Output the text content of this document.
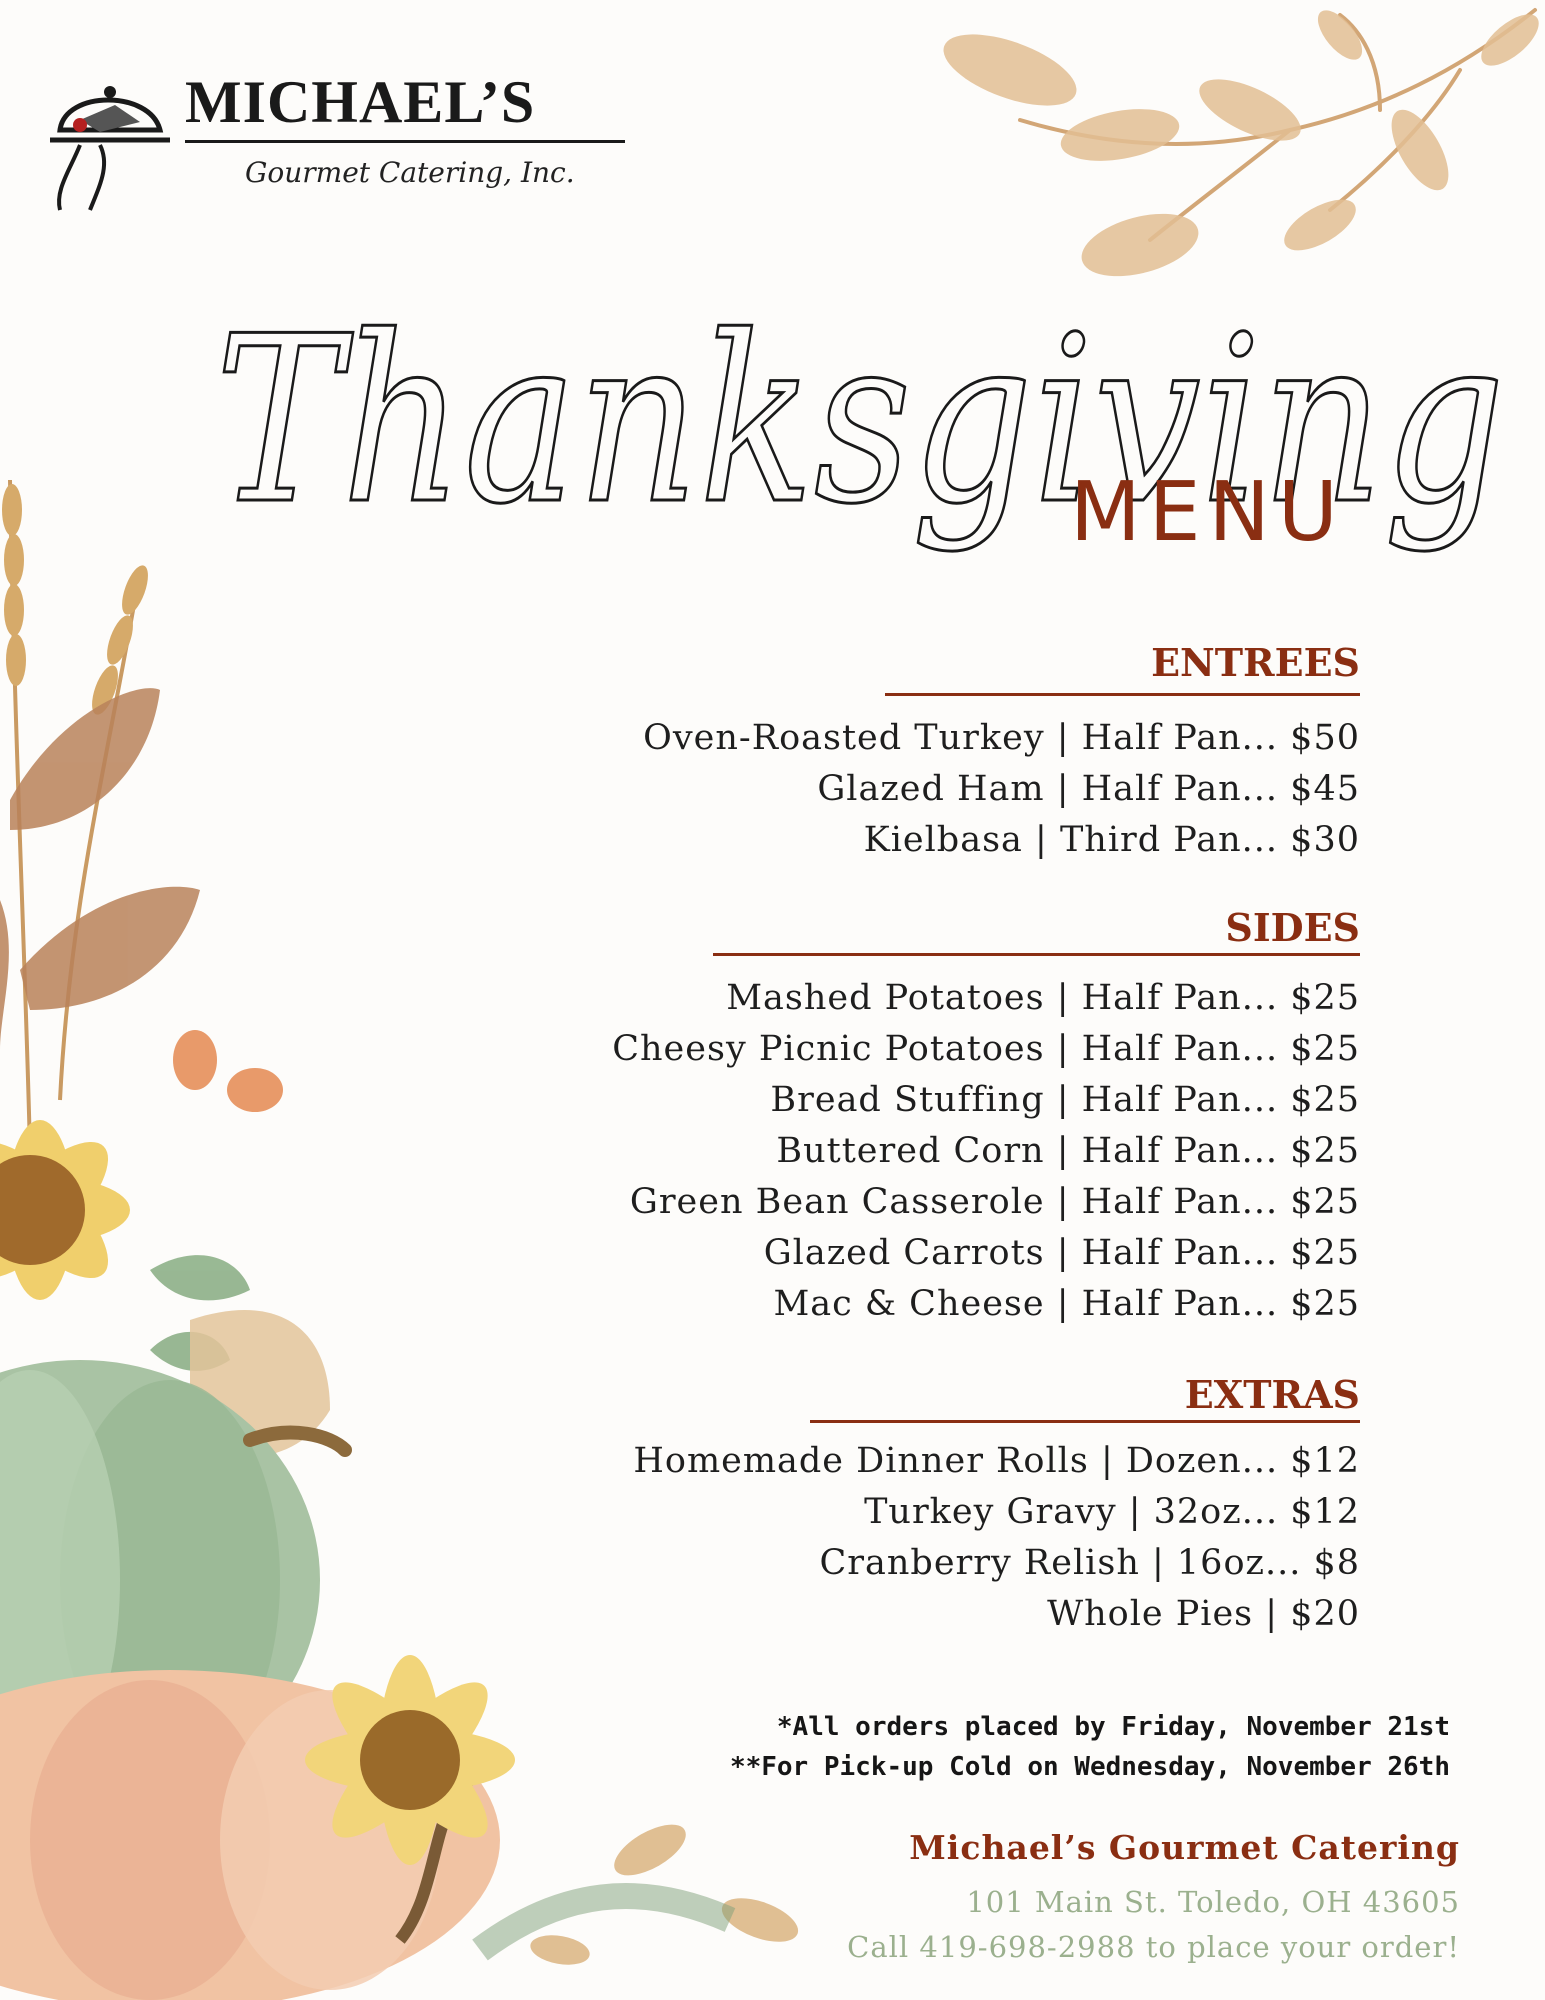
MICHAEL’S
Gourmet Catering, Inc.
Thanksgiving
MENU
ENTREES
Oven-Roasted Turkey | Half Pan... $50
Glazed Ham | Half Pan... $45
Kielbasa | Third Pan... $30
SIDES
Mashed Potatoes | Half Pan... $25
Cheesy Picnic Potatoes | Half Pan... $25
Bread Stuffing | Half Pan... $25
Buttered Corn | Half Pan... $25
Green Bean Casserole | Half Pan... $25
Glazed Carrots | Half Pan... $25
Mac & Cheese | Half Pan... $25
EXTRAS
Homemade Dinner Rolls | Dozen... $12
Turkey Gravy | 32oz... $12
Cranberry Relish | 16oz... $8
Whole Pies | $20
*All orders placed by Friday, November 21st
**For Pick-up Cold on Wednesday, November 26th
Michael’s Gourmet Catering
101 Main St. Toledo, OH 43605
Call 419-698-2988 to place your order!
